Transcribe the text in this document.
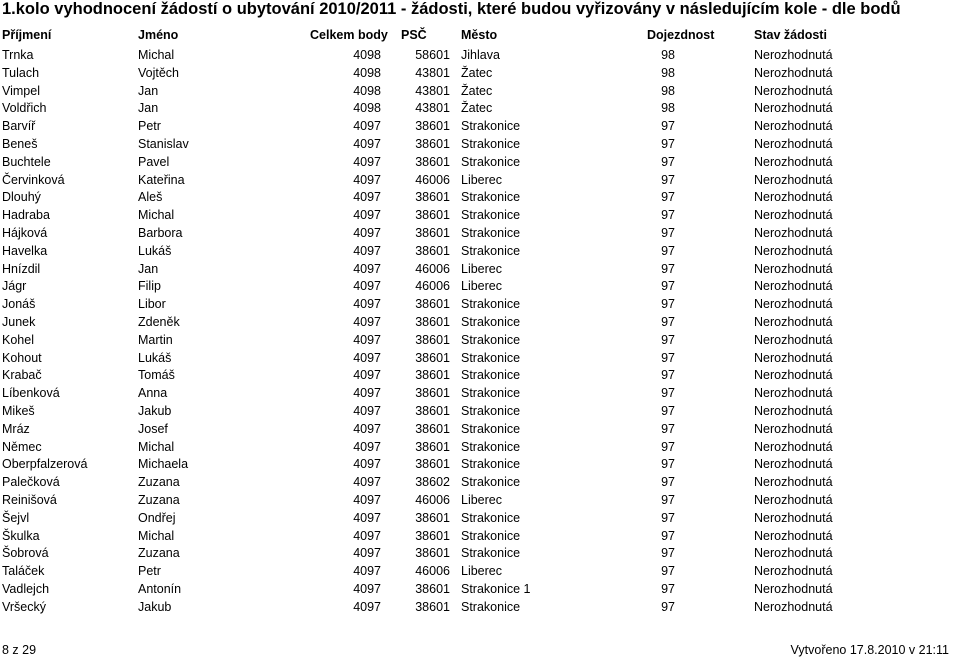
1.kolo vyhodnocení žádostí o ubytování 2010/2011 - žádosti, které budou vyřizovány v následujícím kole - dle bodů
Příjmení	Jméno	Celkem body PSČ	Město	Dojezdnost	Stav žádosti
Trnka	Michal	4098	58601 Jihlava	98	Nerozhodnutá
Tulach	Vojtěch	4098	43801 Žatec	98	Nerozhodnutá
Vimpel	Jan	4098	43801 Žatec	98	Nerozhodnutá
Voldřich	Jan	4098	43801 Žatec	98	Nerozhodnutá
Barvíř	Petr	4097	38601 Strakonice	97	Nerozhodnutá
Beneš	Stanislav	4097	38601 Strakonice	97	Nerozhodnutá
Buchtele	Pavel	4097	38601 Strakonice	97	Nerozhodnutá
Červinková	Kateřina	4097	46006 Liberec	97	Nerozhodnutá
Dlouhý	Aleš	4097	38601 Strakonice	97	Nerozhodnutá
Hadraba	Michal	4097	38601 Strakonice	97	Nerozhodnutá
Hájková	Barbora	4097	38601 Strakonice	97	Nerozhodnutá
Havelka	Lukáš	4097	38601 Strakonice	97	Nerozhodnutá
Hnízdil	Jan	4097	46006 Liberec	97	Nerozhodnutá
Jágr	Filip	4097	46006 Liberec	97	Nerozhodnutá
Jonáš	Libor	4097	38601 Strakonice	97	Nerozhodnutá
Junek	Zdeněk	4097	38601 Strakonice	97	Nerozhodnutá
Kohel	Martin	4097	38601 Strakonice	97	Nerozhodnutá
Kohout	Lukáš	4097	38601 Strakonice	97	Nerozhodnutá
Krabač	Tomáš	4097	38601 Strakonice	97	Nerozhodnutá
Líbenková	Anna	4097	38601 Strakonice	97	Nerozhodnutá
Mikeš	Jakub	4097	38601 Strakonice	97	Nerozhodnutá
Mráz	Josef	4097	38601 Strakonice	97	Nerozhodnutá
Němec	Michal	4097	38601 Strakonice	97	Nerozhodnutá
Oberpfalzerová	Michaela	4097	38601 Strakonice	97	Nerozhodnutá
Palečková	Zuzana	4097	38602 Strakonice	97	Nerozhodnutá
Reinišová	Zuzana	4097	46006 Liberec	97	Nerozhodnutá
Šejvl	Ondřej	4097	38601 Strakonice	97	Nerozhodnutá
Škulka	Michal	4097	38601 Strakonice	97	Nerozhodnutá
Šobrová	Zuzana	4097	38601 Strakonice	97	Nerozhodnutá
Taláček	Petr	4097	46006 Liberec	97	Nerozhodnutá
Vadlejch	Antonín	4097	38601 Strakonice 1	97	Nerozhodnutá
Vršecký	Jakub	4097	38601 Strakonice	97	Nerozhodnutá
8 z 29	Vytvořeno 17.8.2010 v 21:11
